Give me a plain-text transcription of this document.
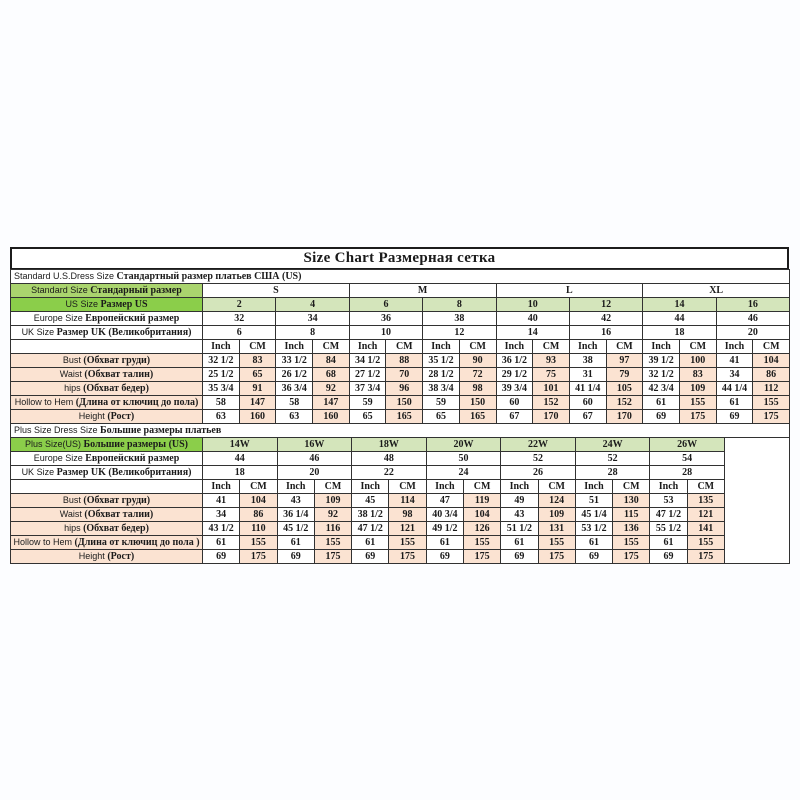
Size Chart Размерная сетка
Standard U.S.Dress Size Стандартный размер платьев США (US)																
Standard Size Стандарный размер	S				M				L				XL			
US Size Размер US	2		4		6		8		10		12		14		16	
Europe Size Европейский размер	32		34		36		38		40		42		44		46	
UK Size Размер UK (Великобритания)	6		8		10		12		14		16		18		20	
	Inch	CM	Inch	CM	Inch	CM	Inch	CM	Inch	CM	Inch	CM	Inch	CM	Inch	CM
Bust (Обхват груди)	32 1/2	83	33 1/2	84	34 1/2	88	35 1/2	90	36 1/2	93	38	97	39 1/2	100	41	104
Waist (Обхват талин)	25 1/2	65	26 1/2	68	27 1/2	70	28 1/2	72	29 1/2	75	31	79	32 1/2	83	34	86
hips (Обхват бедер)	35 3/4	91	36 3/4	92	37 3/4	96	38 3/4	98	39 3/4	101	41 1/4	105	42 3/4	109	44 1/4	112
Hollow to Hem (Длина от ключиц до пола)	58	147	58	147	59	150	59	150	60	152	60	152	61	155	61	155
Height (Рост)	63	160	63	160	65	165	65	165	67	170	67	170	69	175	69	175
Plus Size Dress Size Большие размеры платьев															
Plus Size(US) Большие размеры (US)	14W		16W		18W		20W		22W		24W		26W		
Europe Size Европейский размер	44		46		48		50		52		52		54		
UK Size Размер UK (Великобритания)	18		20		22		24		26		28		28		
	Inch	CM	Inch	CM	Inch	CM	Inch	CM	Inch	CM	Inch	CM	Inch	CM	
Bust (Обхват груди)	41	104	43	109	45	114	47	119	49	124	51	130	53	135	
Waist (Обхват талии)	34	86	36 1/4	92	38 1/2	98	40 3/4	104	43	109	45 1/4	115	47 1/2	121	
hips (Обхват бедер)	43 1/2	110	45 1/2	116	47 1/2	121	49 1/2	126	51 1/2	131	53 1/2	136	55 1/2	141	
Hollow to Hem (Длина от ключиц до пола )	61	155	61	155	61	155	61	155	61	155	61	155	61	155	
Height (Рост)	69	175	69	175	69	175	69	175	69	175	69	175	69	175	
